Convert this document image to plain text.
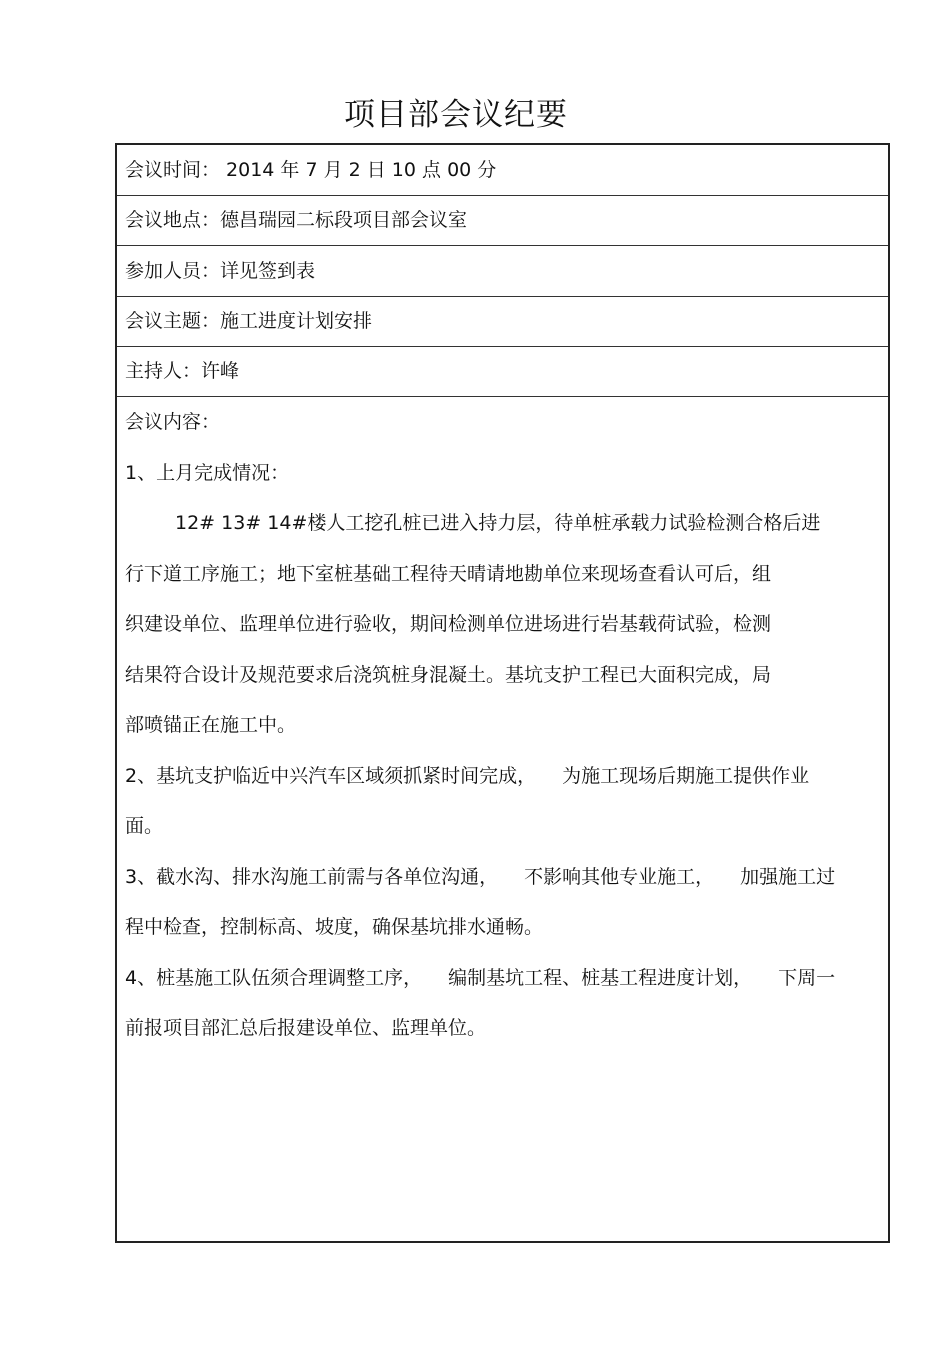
项目部会议纪要
会议时间： 2014 年 7 月 2 日 10 点 00 分
会议地点：德昌瑞园二标段项目部会议室
参加人员：详见签到表
会议主题：施工进度计划安排
主持人：许峰
会议内容：
1、上月完成情况：
12# 13# 14#楼人工挖孔桩已进入持力层，待单桩承载力试验检测合格后进
行下道工序施工；地下室桩基础工程待天晴请地勘单位来现场查看认可后，组
织建设单位、监理单位进行验收，期间检测单位进场进行岩基载荷试验，检测
结果符合设计及规范要求后浇筑桩身混凝土。基坑支护工程已大面积完成，局
部喷锚正在施工中。
2、基坑支护临近中兴汽车区域须抓紧时间完成， 为施工现场后期施工提供作业
面。
3、截水沟、排水沟施工前需与各单位沟通， 不影响其他专业施工， 加强施工过
程中检查，控制标高、坡度，确保基坑排水通畅。
4、桩基施工队伍须合理调整工序， 编制基坑工程、桩基工程进度计划， 下周一
前报项目部汇总后报建设单位、监理单位。
